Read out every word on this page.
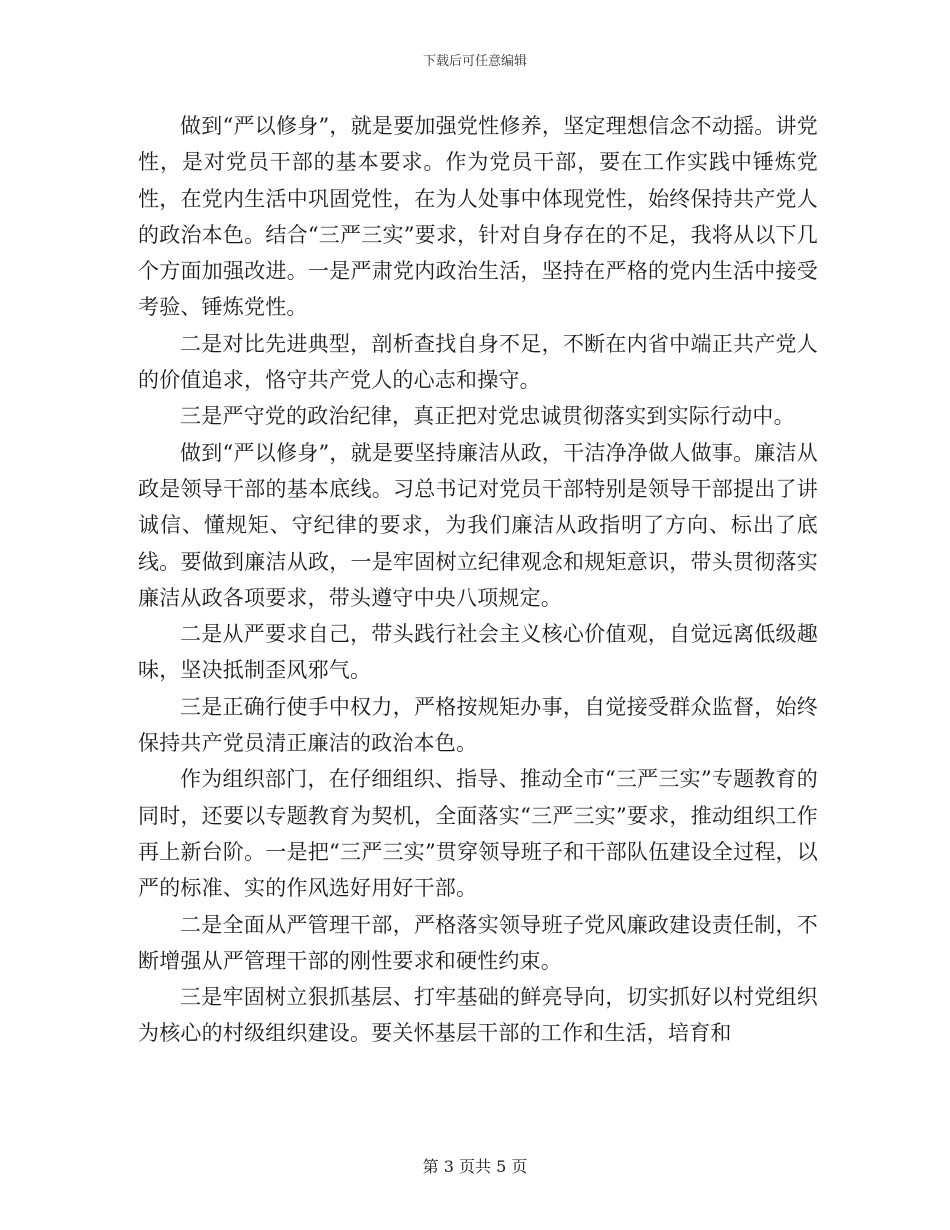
下载后可任意编辑

做到“严以修身”，就是要加强党性修养，坚定理想信念不动摇。讲党性，是对党员干部的基本要求。作为党员干部，要在工作实践中锤炼党性，在党内生活中巩固党性，在为人处事中体现党性，始终保持共产党人的政治本色。结合“三严三实”要求，针对自身存在的不足，我将从以下几个方面加强改进。一是严肃党内政治生活，坚持在严格的党内生活中接受考验、锤炼党性。

二是对比先进典型，剖析查找自身不足，不断在内省中端正共产党人的价值追求，恪守共产党人的心志和操守。

三是严守党的政治纪律，真正把对党忠诚贯彻落实到实际行动中。

做到“严以修身”，就是要坚持廉洁从政，干洁净净做人做事。廉洁从政是领导干部的基本底线。习总书记对党员干部特别是领导干部提出了讲诚信、懂规矩、守纪律的要求，为我们廉洁从政指明了方向、标出了底线。要做到廉洁从政，一是牢固树立纪律观念和规矩意识，带头贯彻落实廉洁从政各项要求，带头遵守中央八项规定。

二是从严要求自己，带头践行社会主义核心价值观，自觉远离低级趣味，坚决抵制歪风邪气。

三是正确行使手中权力，严格按规矩办事，自觉接受群众监督，始终保持共产党员清正廉洁的政治本色。

作为组织部门，在仔细组织、指导、推动全市“三严三实”专题教育的同时，还要以专题教育为契机，全面落实“三严三实”要求，推动组织工作再上新台阶。一是把“三严三实”贯穿领导班子和干部队伍建设全过程，以严的标准、实的作风选好用好干部。

二是全面从严管理干部，严格落实领导班子党风廉政建设责任制，不断增强从严管理干部的刚性要求和硬性约束。

三是牢固树立狠抓基层、打牢基础的鲜亮导向，切实抓好以村党组织为核心的村级组织建设。要关怀基层干部的工作和生活，培育和

第 3 页共 5 页
